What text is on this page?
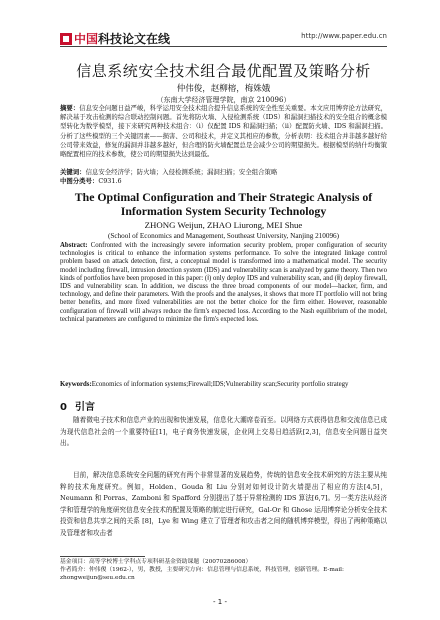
中国科技论文在线	http://www.paper.edu.cn
信息系统安全技术组合最优配置及策略分析
仲伟俊，赵柳榕，梅姝娥
（东南大学经济管理学院，南京 210096）
摘要：信息安全问题日益严峻，科学运用安全技术组合提升信息系统的安全性至关重要。本文应用博弈论方法研究，解决基于攻击检测的综合联动控制问题。首先将防火墙、入侵检测系统（IDS）和漏洞扫描技术的安全组合的概念模型转化为数学模型，接下来研究两种技术组合：（i）仅配置 IDS 和漏洞扫描；（ii）配置防火墙、IDS 和漏洞扫描。分析了这些模型的三个关键因素——损害、公司和技术，并定义其相应的参数，分析表明：技术组合并非越多越好给公司带来效益，修复的漏洞并非越多越好，但合理的防火墙配置总是会减少公司的期望损失。根据模型的纳什均衡策略配置相应的技术参数，使公司的期望损失达到最低。
关键词：信息安全经济学；防火墙；入侵检测系统；漏洞扫描；安全组合策略
中图分类号：C931.6
The Optimal Configuration and Their Strategic Analysis of Information System Security Technology
ZHONG Weijun, ZHAO Liurong, MEI Shue
(School of Economics and Management, Southeast University, Nanjing 210096)
Abstract: Confronted with the increasingly severe information security problem, proper configuration of security technologies is critical to enhance the information systems performance. To solve the integrated linkage control problem based on attack detection, first, a conceptual model is transformed into a mathematical model. The security model including firewall, intrusion detection system (IDS) and vulnerability scan is analyzed by game theory. Then two kinds of portfolios have been proposed in this paper: (ⅰ) only deploy IDS and vulnerability scan, and (ⅱ) deploy firewall, IDS and vulnerability scan. In addition, we discuss the three broad components of our model—hacker, firm, and technology, and define their parameters. With the proofs and the analyses, it shows that more IT portfolio will not bring better benefits, and more fixed vulnerabilities are not the better choice for the firm either. However, reasonable configuration of firewall will always reduce the firm's expected loss. According to the Nash equilibrium of the model, technical parameters are configured to minimize the firm's expected loss.
Keywords:Economics of information systems;Firewall;IDS;Vulnerability scan;Security portfolio strategy
0 引言
随着微电子技术和信息产业的出现和快速发展，信息化大潮席卷而至。以网络方式获得信息和交流信息已成为现代信息社会的一个重要特征[1]，电子商务快速发展，企业网上交易日趋活跃[2,3]，信息安全问题日益突出。
目前，解决信息系统安全问题的研究有两个非常显著的发展趋势，传统的信息安全技术研究的方法主要从纯粹的技术角度研究。例如，Holden、Gouda 和 Liu 分别对如何设计防火墙提出了相应的方法[4,5]，Neumann 和 Porras、Zamboni 和 Spafford 分别提出了基于异常检测的 IDS 算法[6,7]。另一类方法从经济学和管理学的角度研究信息安全技术的配置及策略的制定进行研究，Gal-Or 和 Ghose 运用博弈论分析安全技术投资和信息共享之间的关系 [8]，Lye 和 Wing 建立了管理者和攻击者之间的随机博弈模型，得出了两种策略以及管理者和攻击者
基金项目：高等学校博士学科点专项科研基金资助课题（20070286008）
作者简介：仲伟俊（1962-），男，教授，主要研究方向：信息管理与信息系统，科技管理，创新管理。E-mail: zhongweijun@seu.edu.cn
- 1 -
